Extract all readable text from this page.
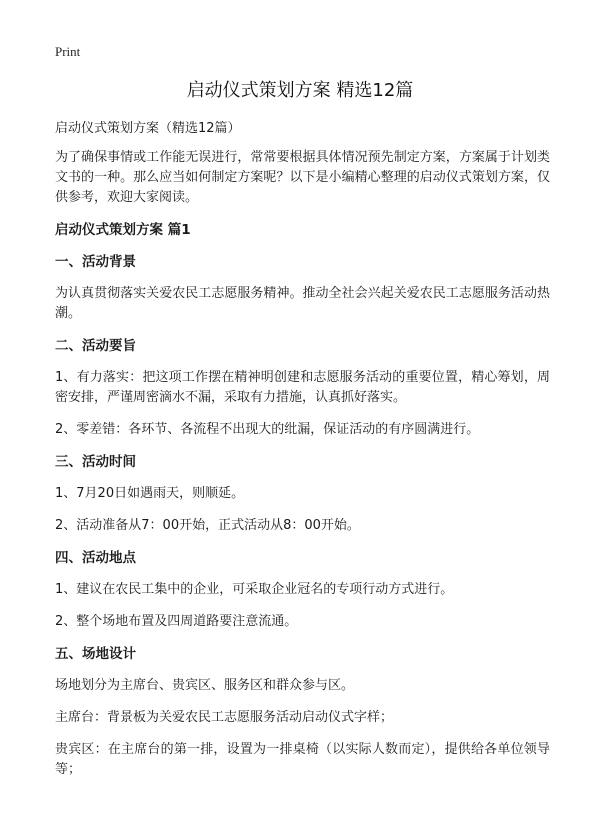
Print
启动仪式策划方案 精选12篇
启动仪式策划方案（精选12篇）

为了确保事情或工作能无误进行，常常要根据具体情况预先制定方案，方案属于计划类文书的一种。那么应当如何制定方案呢？以下是小编精心整理的启动仪式策划方案，仅供参考，欢迎大家阅读。

启动仪式策划方案 篇1
一、活动背景

为认真贯彻落实关爱农民工志愿服务精神。推动全社会兴起关爱农民工志愿服务活动热潮。

二、活动要旨

1、有力落实：把这项工作摆在精神明创建和志愿服务活动的重要位置，精心筹划，周密安排，严谨周密滴水不漏，采取有力措施，认真抓好落实。

2、零差错：各环节、各流程不出现大的纰漏，保证活动的有序圆满进行。

三、活动时间

1、7月20日如遇雨天，则顺延。

2、活动准备从7：00开始，正式活动从8：00开始。

四、活动地点

1、建议在农民工集中的企业，可采取企业冠名的专项行动方式进行。

2、整个场地布置及四周道路要注意流通。

五、场地设计

场地划分为主席台、贵宾区、服务区和群众参与区。

主席台：背景板为关爱农民工志愿服务活动启动仪式字样；

贵宾区：在主席台的第一排，设置为一排桌椅（以实际人数而定），提供给各单位领导等；
